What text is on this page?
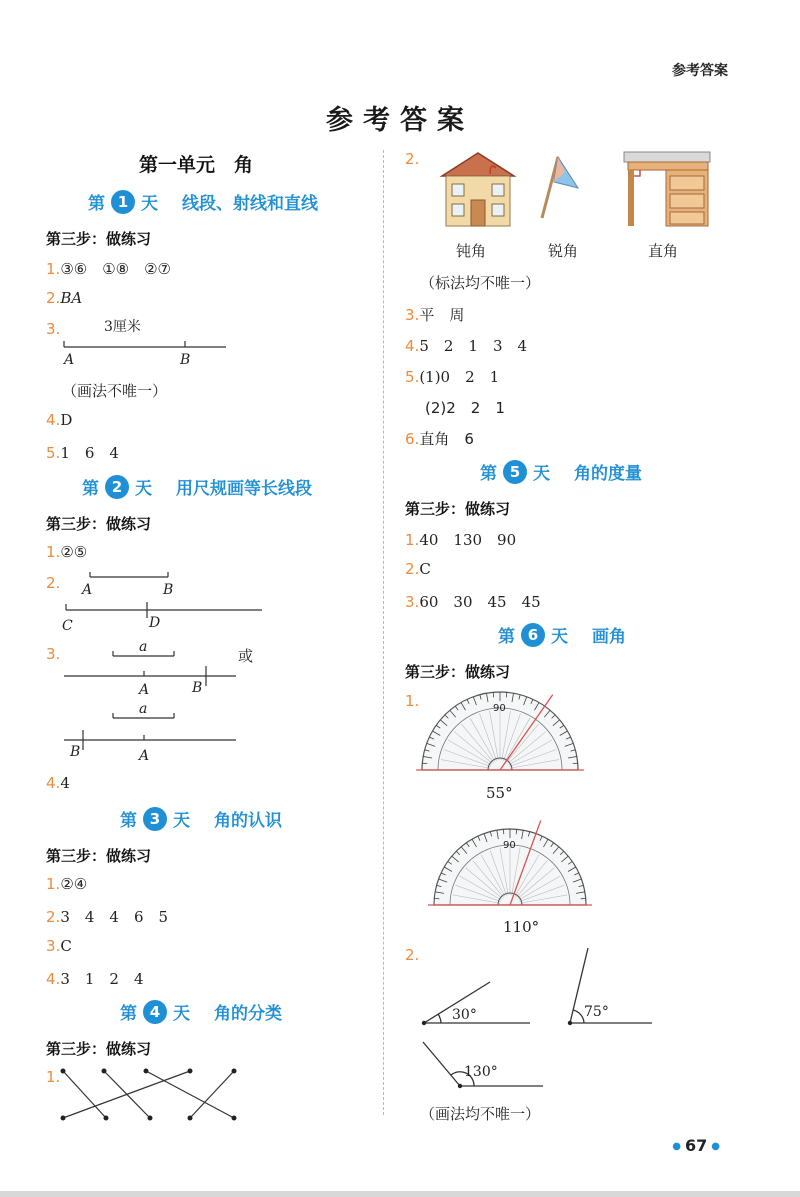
参考答案
参考答案
第一单元　角
第 1 天 线段、射线和直线
第三步：做练习
1.③⑥　①⑧　②⑦
2.BA
3.	3厘米
A	B
（画法不唯一）
4.D
5.1　6　4
第 2 天 用尺规画等长线段
第三步：做练习
1.②⑤
2. A	B
C	D
a
A	B
a
B	A
3.	或
4.4
第 3 天 角的认识
第三步：做练习
1.②④
2.3　4　4　6　5
3.C
4.3　1　2　4
第 4 天 角的分类
第三步：做练习
1.
2.
钝角	锐角	直角
（标法均不唯一）
3.平　周
4.5　2　1　3　4
5.(1)0　2　1
(2)2　2　1
6.直角　6
第 5 天 角的度量
第三步：做练习
1.40　130　90
2.C
3.60　30　45　45
第 6 天 画角
第三步：做练习
1.	90
55°
90
110°
2.
30°	75°
130°
（画法均不唯一）
● 67 ●
